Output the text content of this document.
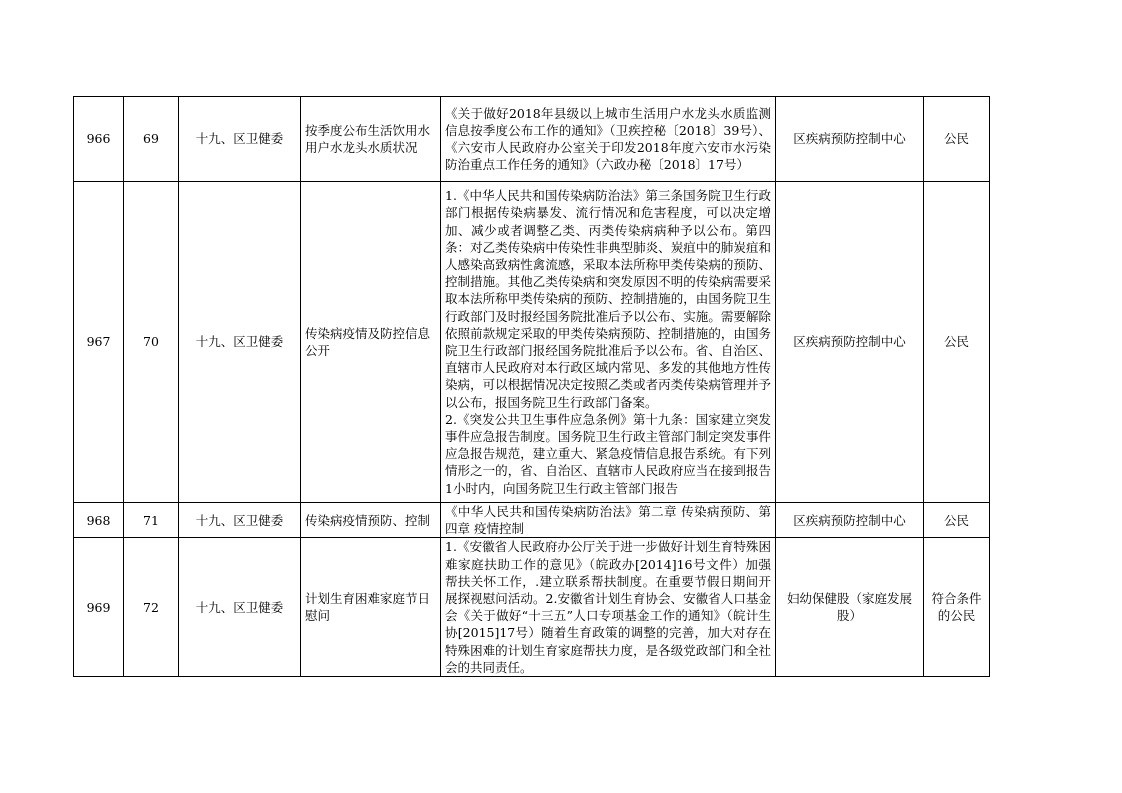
966	69	十九、区卫健委	按季度公布生活饮用水用户水龙头水质状况	《关于做好2018年县级以上城市生活用户水龙头水质监测信息按季度公布工作的通知》（卫疾控秘〔2018〕39号）、《六安市人民政府办公室关于印发2018年度六安市水污染防治重点工作任务的通知》（六政办秘〔2018〕17号）	区疾病预防控制中心	公民
967	70	十九、区卫健委	传染病疫情及防控信息公开	1.《中华人民共和国传染病防治法》第三条国务院卫生行政部门根据传染病暴发、流行情况和危害程度，可以决定增加、减少或者调整乙类、丙类传染病病种予以公布。第四条：对乙类传染病中传染性非典型肺炎、炭疽中的肺炭疽和人感染高致病性禽流感，采取本法所称甲类传染病的预防、控制措施。其他乙类传染病和突发原因不明的传染病需要采取本法所称甲类传染病的预防、控制措施的，由国务院卫生行政部门及时报经国务院批准后予以公布、实施。需要解除依照前款规定采取的甲类传染病预防、控制措施的，由国务院卫生行政部门报经国务院批准后予以公布。省、自治区、直辖市人民政府对本行政区域内常见、多发的其他地方性传染病，可以根据情况决定按照乙类或者丙类传染病管理并予以公布，报国务院卫生行政部门备案。
2.《突发公共卫生事件应急条例》第十九条：国家建立突发事件应急报告制度。国务院卫生行政主管部门制定突发事件应急报告规范，建立重大、紧急疫情信息报告系统。有下列情形之一的，省、自治区、直辖市人民政府应当在接到报告1小时内，向国务院卫生行政主管部门报告	区疾病预防控制中心	公民
968	71	十九、区卫健委	传染病疫情预防、控制	《中华人民共和国传染病防治法》第二章 传染病预防、第四章 疫情控制	区疾病预防控制中心	公民
969	72	十九、区卫健委	计划生育困难家庭节日慰问	1.《安徽省人民政府办公厅关于进一步做好计划生育特殊困难家庭扶助工作的意见》（皖政办[2014]16号文件）加强帮扶关怀工作，.建立联系帮扶制度。在重要节假日期间开展探视慰问活动。2.安徽省计划生育协会、安徽省人口基金会《关于做好“十三五”人口专项基金工作的通知》（皖计生协[2015]17号）随着生育政策的调整的完善，加大对存在特殊困难的计划生育家庭帮扶力度，是各级党政部门和全社会的共同责任。	妇幼保健股（家庭发展股）	符合条件的公民
